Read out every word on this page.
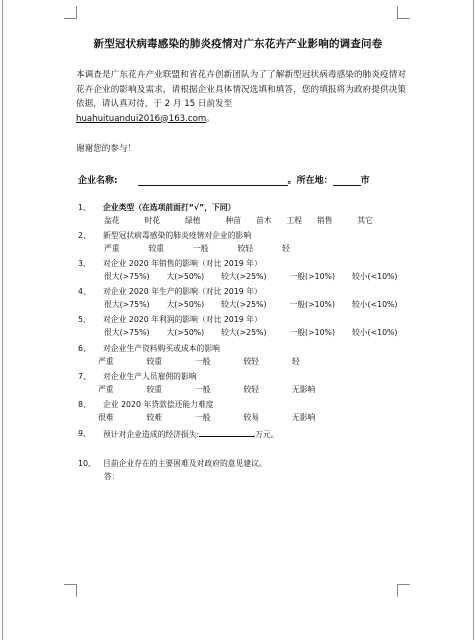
新型冠状病毒感染的肺炎疫情对广东花卉产业影响的调查问卷
本调查是广东花卉产业联盟和省花卉创新团队为了了解新型冠状病毒感染的肺炎疫情对花卉企业的影响及需求，请根据企业具体情况选填和填答，您的填报将为政府提供决策依据，请认真对待，于 2 月 15 日前发至
huahuituandui2016@163.com。
谢谢您的参与！
企业名称:	。所在地：	市
1、 企业类型（在选项前面打“√”，下同）
盆花	时花	绿植	种苗 苗木 工程 销售	其它
2、 新型冠状病毒感染的肺炎疫情对企业的影响
严重	较重	一般	较轻	轻
3、 对企业 2020 年销售的影响（对比 2019 年）
很大(>75%) 大(>50%) 较大(>25%)	一般(>10%) 较小(<10%)
4、 对企业 2020 年生产的影响（对比 2019 年）
很大(>75%) 大(>50%) 较大(>25%)	一般(>10%) 较小(<10%)
5、 对企业 2020 年利润的影响（对比 2019 年）
很大(>75%) 大(>50%) 较大(>25%)	一般(>10%) 较小(<10%)
6、 对企业生产资料购买或成本的影响
严重	较重	一般	较轻	轻
7、 对企业生产人员雇佣的影响
严重	较重	一般	较轻	无影响
8、 企业 2020 年贷款偿还能力难度
很难	较难	一般	较易	无影响
9、 预计对企业造成的经济损失:	万元。
10、 目前企业存在的主要困难及对政府的意见建议。
答：
